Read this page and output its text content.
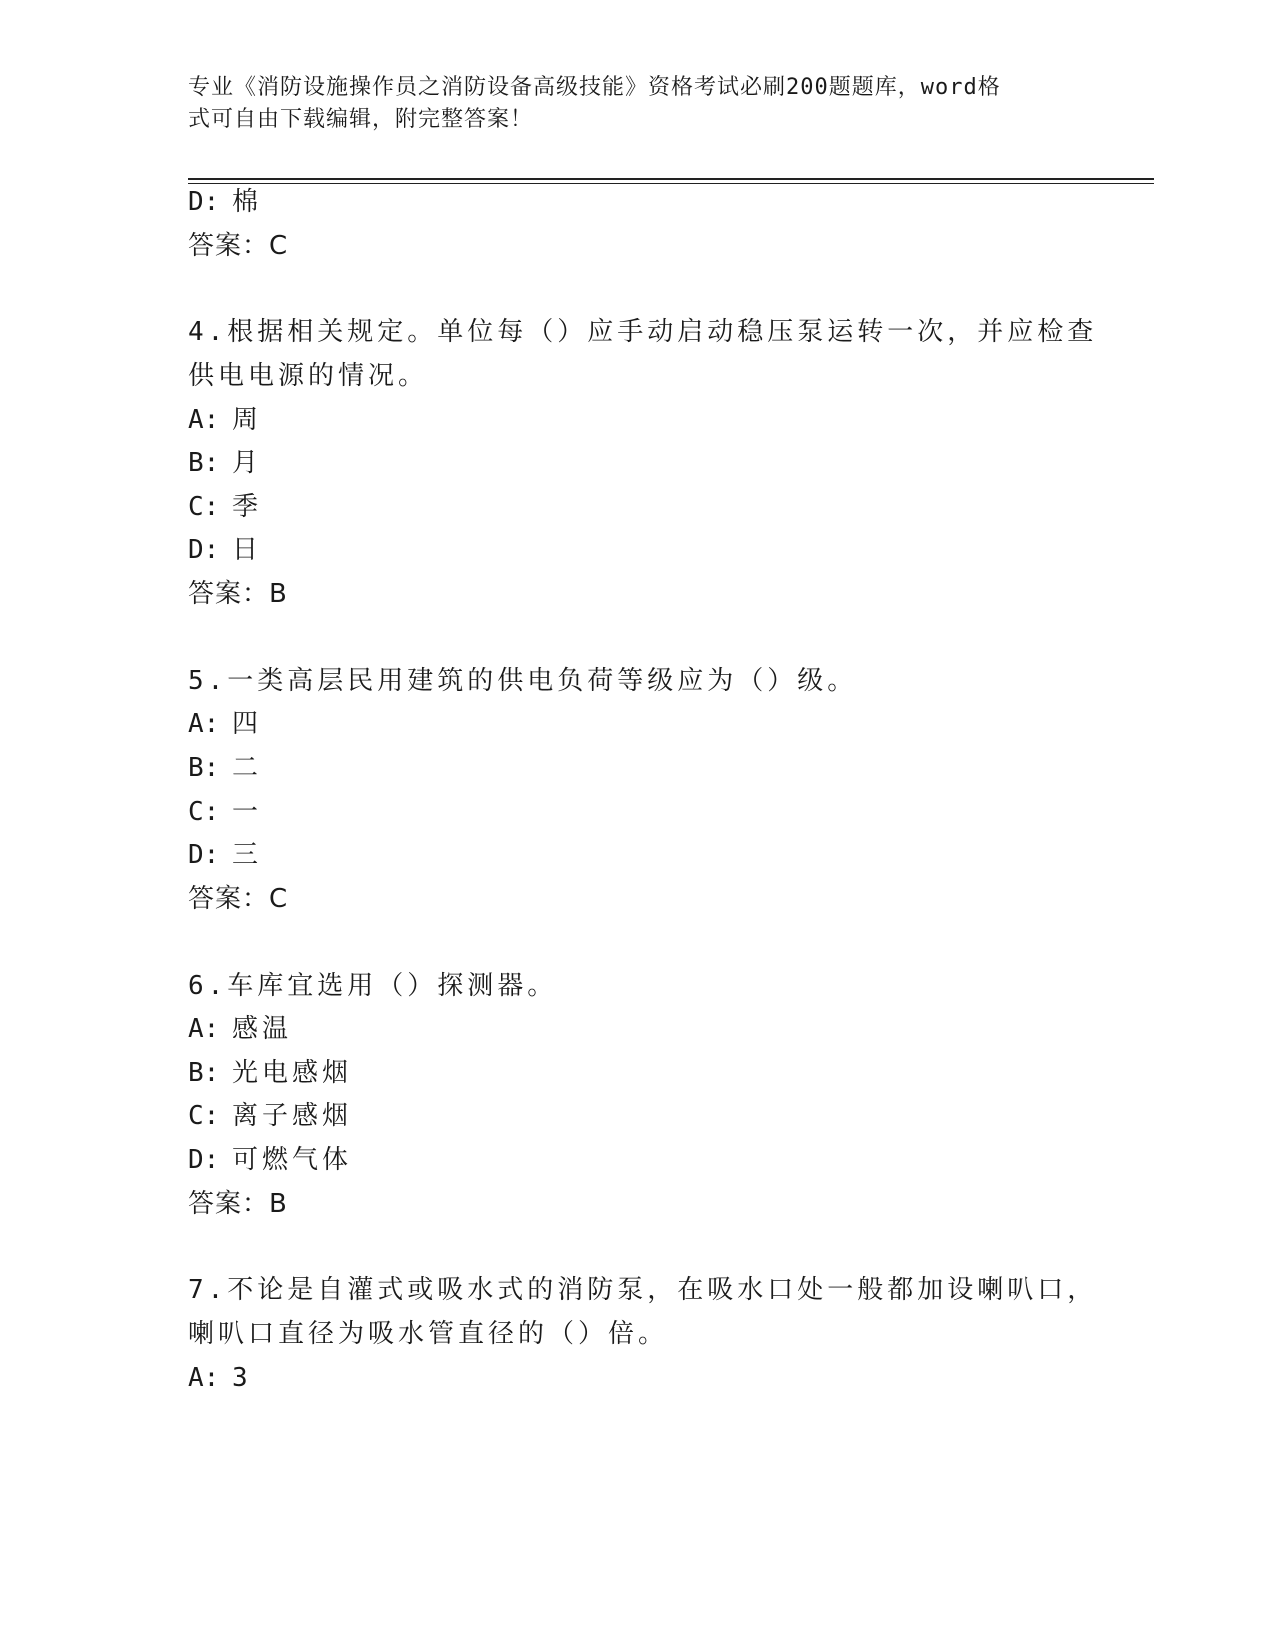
专业《消防设施操作员之消防设备高级技能》资格考试必刷200题题库，word格
式可自由下载编辑，附完整答案！
D: 棉
答案：C
4.根据相关规定。单位每（）应手动启动稳压泵运转一次，并应检查
供电电源的情况。
A: 周
B: 月
C: 季
D: 日
答案：B
5.一类高层民用建筑的供电负荷等级应为（）级。
A: 四
B: 二
C: 一
D: 三
答案：C
6.车库宜选用（）探测器。
A: 感温
B: 光电感烟
C: 离子感烟
D: 可燃气体
答案：B
7.不论是自灌式或吸水式的消防泵，在吸水口处一般都加设喇叭口，
喇叭口直径为吸水管直径的（）倍。
A: 3
